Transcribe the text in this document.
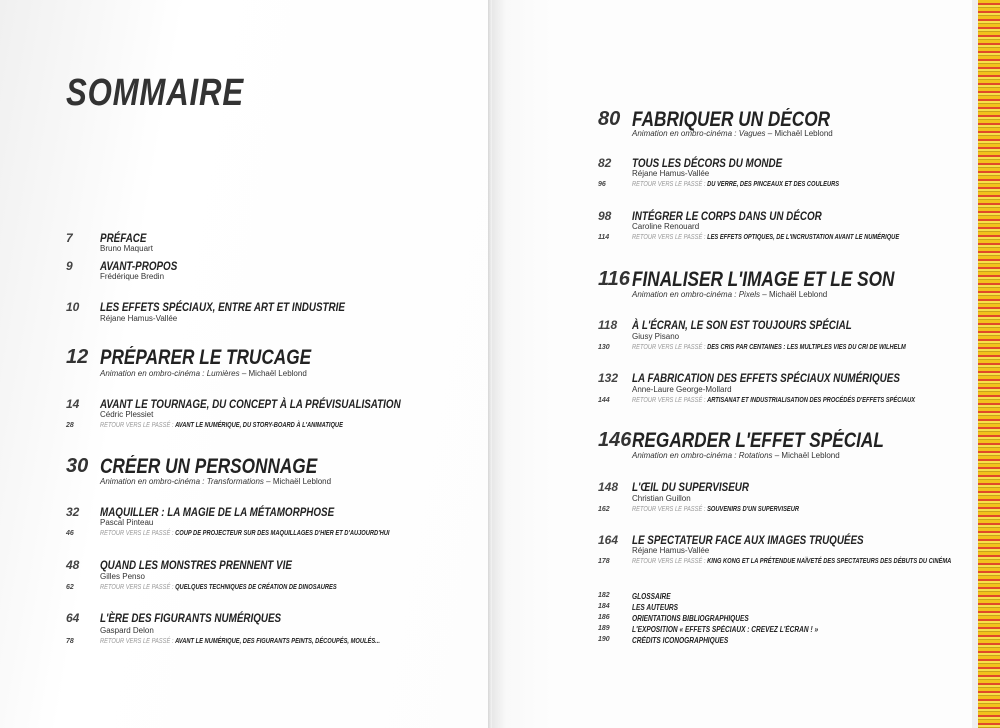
SOMMAIRE
7 PRÉFACE
Bruno Maquart
9 AVANT-PROPOS
Frédérique Bredin
10 LES EFFETS SPÉCIAUX, ENTRE ART ET INDUSTRIE
Réjane Hamus-Vallée
12 PRÉPARER LE TRUCAGE
Animation en ombro-cinéma : Lumières – Michaël Leblond
14 AVANT LE TOURNAGE, DU CONCEPT À LA PRÉVISUALISATION
Cédric Plessiet
28	RETOUR VERS LE PASSÉ : AVANT LE NUMÉRIQUE, DU STORY-BOARD À L'ANIMATIQUE
30 CRÉER UN PERSONNAGE
Animation en ombro-cinéma : Transformations – Michaël Leblond
32 MAQUILLER : LA MAGIE DE LA MÉTAMORPHOSE
Pascal Pinteau
46	RETOUR VERS LE PASSÉ : COUP DE PROJECTEUR SUR DES MAQUILLAGES D'HIER ET D'AUJOURD'HUI
48 QUAND LES MONSTRES PRENNENT VIE
Gilles Penso
62	RETOUR VERS LE PASSÉ : QUELQUES TECHNIQUES DE CRÉATION DE DINOSAURES
64 L'ÈRE DES FIGURANTS NUMÉRIQUES
Gaspard Delon
78	RETOUR VERS LE PASSÉ : AVANT LE NUMÉRIQUE, DES FIGURANTS PEINTS, DÉCOUPÉS, MOULÉS...
80 FABRIQUER UN DÉCOR
Animation en ombro-cinéma : Vagues – Michaël Leblond
82 TOUS LES DÉCORS DU MONDE
Réjane Hamus-Vallée
96	RETOUR VERS LE PASSÉ : DU VERRE, DES PINCEAUX ET DES COULEURS
98 INTÉGRER LE CORPS DANS UN DÉCOR
Caroline Renouard
114	RETOUR VERS LE PASSÉ : LES EFFETS OPTIQUES, DE L'INCRUSTATION AVANT LE NUMÉRIQUE
116 FINALISER L'IMAGE ET LE SON
Animation en ombro-cinéma : Pixels – Michaël Leblond
118 À L'ÉCRAN, LE SON EST TOUJOURS SPÉCIAL
Giusy Pisano
130	RETOUR VERS LE PASSÉ : DES CRIS PAR CENTAINES : LES MULTIPLES VIES DU CRI DE WILHELM
132 LA FABRICATION DES EFFETS SPÉCIAUX NUMÉRIQUES
Anne-Laure George-Mollard
144	RETOUR VERS LE PASSÉ : ARTISANAT ET INDUSTRIALISATION DES PROCÉDÉS D'EFFETS SPÉCIAUX
146 REGARDER L'EFFET SPÉCIAL
Animation en ombro-cinéma : Rotations – Michaël Leblond
148 L'ŒIL DU SUPERVISEUR
Christian Guillon
162	RETOUR VERS LE PASSÉ : SOUVENIRS D'UN SUPERVISEUR
164 LE SPECTATEUR FACE AUX IMAGES TRUQUÉES
Réjane Hamus-Vallée
178	RETOUR VERS LE PASSÉ : KING KONG ET LA PRÉTENDUE NAÏVETÉ DES SPECTATEURS DES DÉBUTS DU CINÉMA
182	GLOSSAIRE
184	LES AUTEURS
186	ORIENTATIONS BIBLIOGRAPHIQUES
189	L'EXPOSITION « EFFETS SPÉCIAUX : CREVEZ L'ÉCRAN ! »
190	CRÉDITS ICONOGRAPHIQUES
